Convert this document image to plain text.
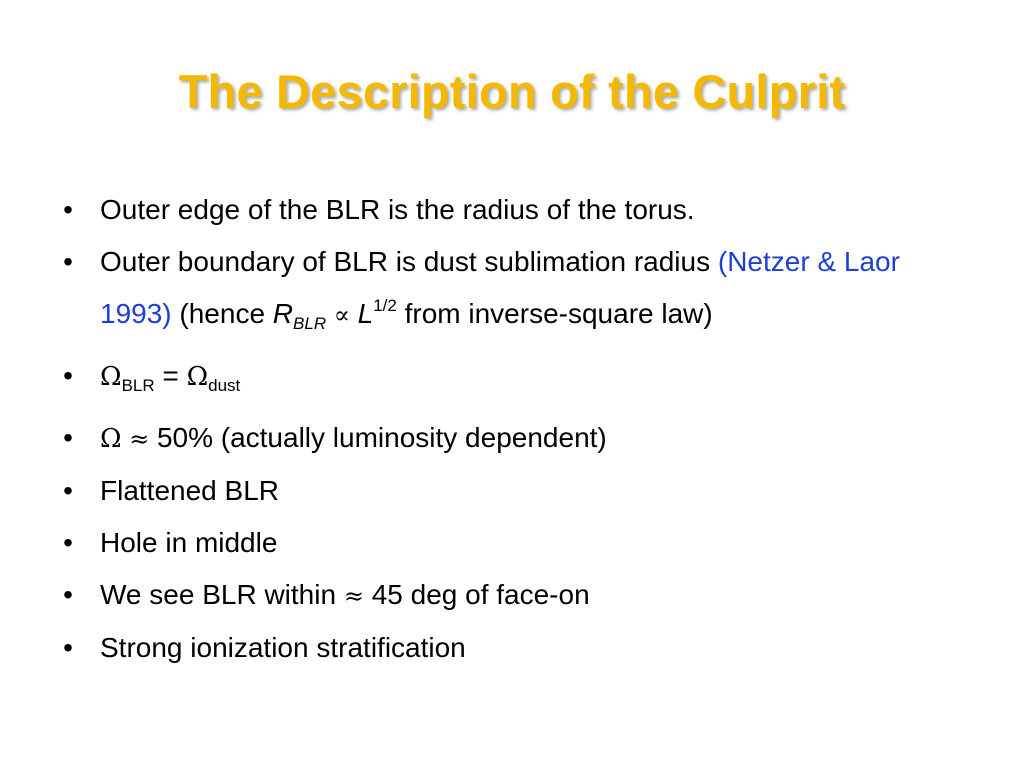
The Description of the Culprit
• Outer edge of the BLR is the radius of the torus.
• Outer boundary of BLR is dust sublimation radius (Netzer & Laor 1993) (hence $R_{BLR} \propto L^{1/2}$ from inverse-square law)
• $\Omega_{BLR} = \Omega_{dust}$
• Ω ≈ 50% (actually luminosity dependent)
• Flattened BLR
• Hole in middle
• We see BLR within ≈ 45 deg of face-on
• Strong ionization stratification
